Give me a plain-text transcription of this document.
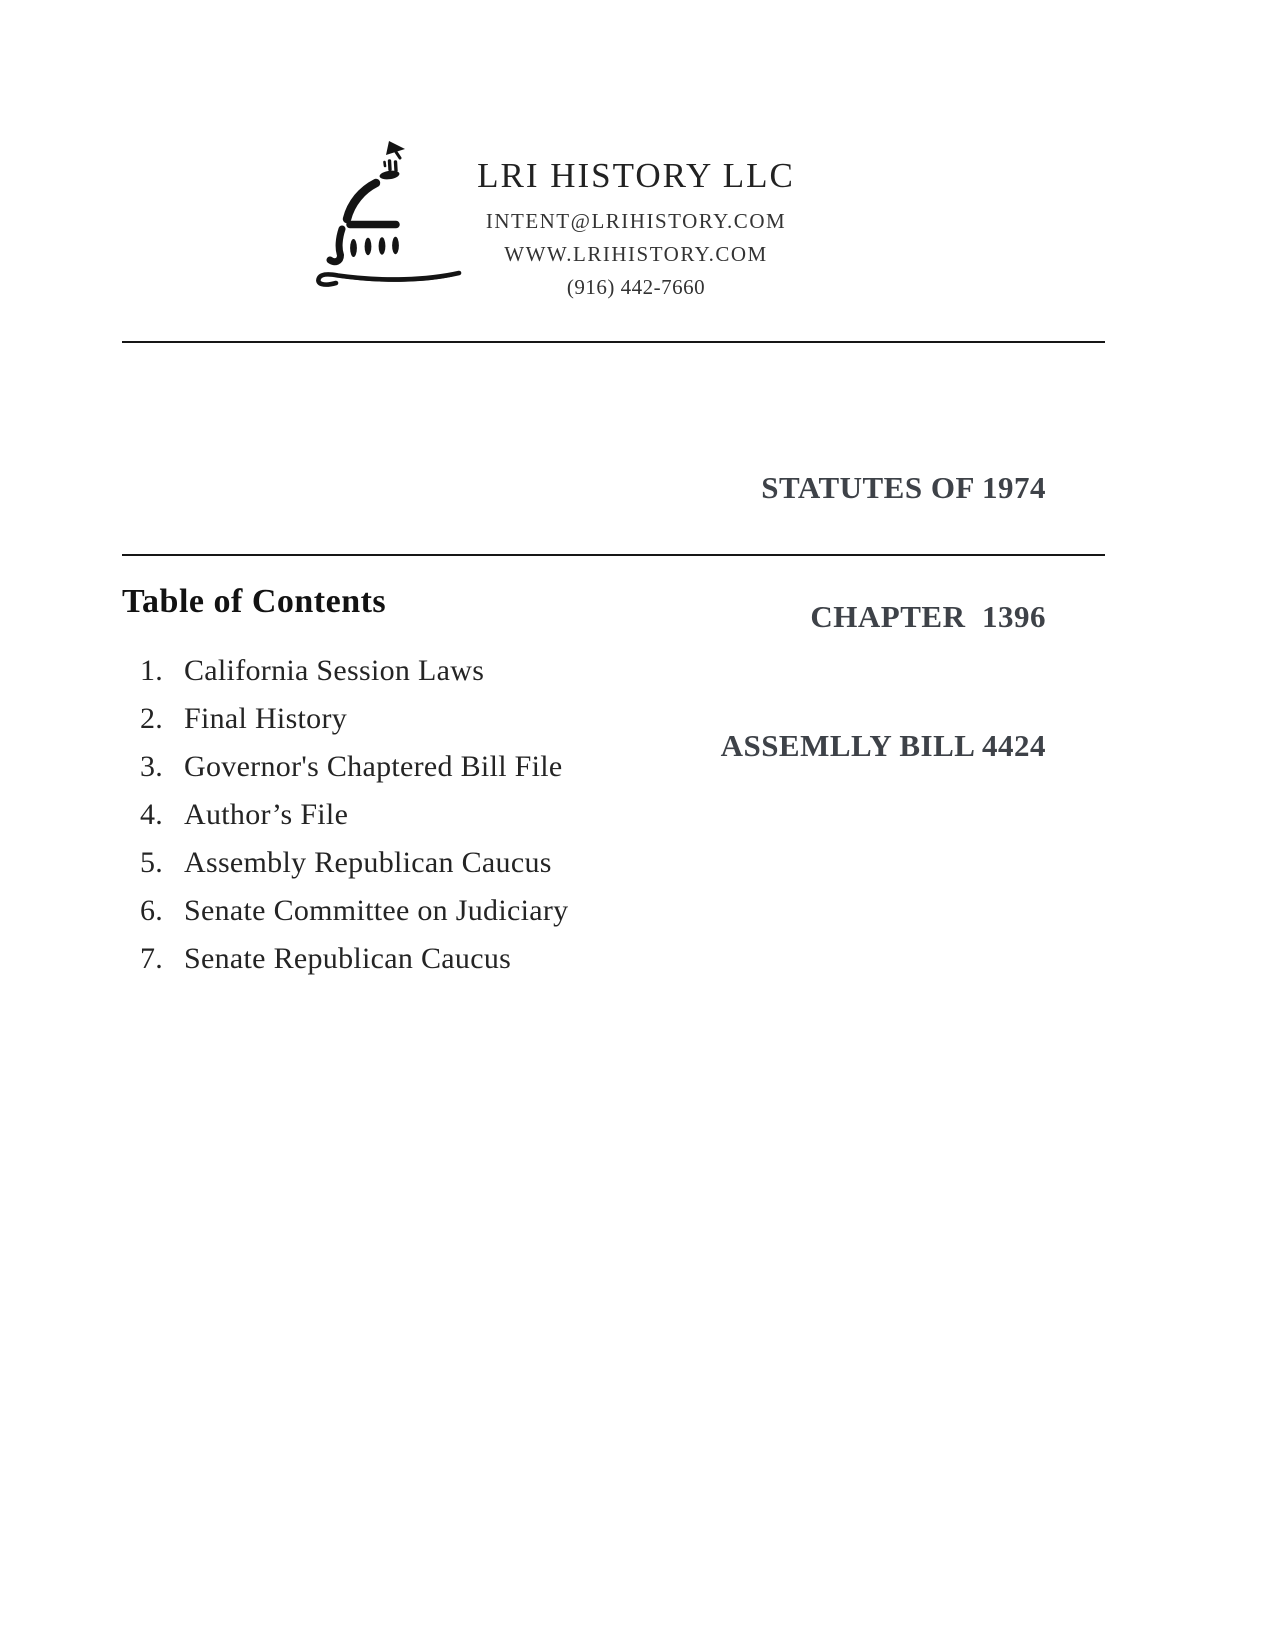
LRI HISTORY LLC
INTENT@LRIHISTORY.COM
WWW.LRIHISTORY.COM
(916) 442-7660

STATUTES OF 1974

CHAPTER  1396

ASSEMLLY BILL 4424

Table of Contents
1. California Session Laws
2. Final History
3. Governor's Chaptered Bill File
4. Author’s File
5. Assembly Republican Caucus
6. Senate Committee on Judiciary
7. Senate Republican Caucus
